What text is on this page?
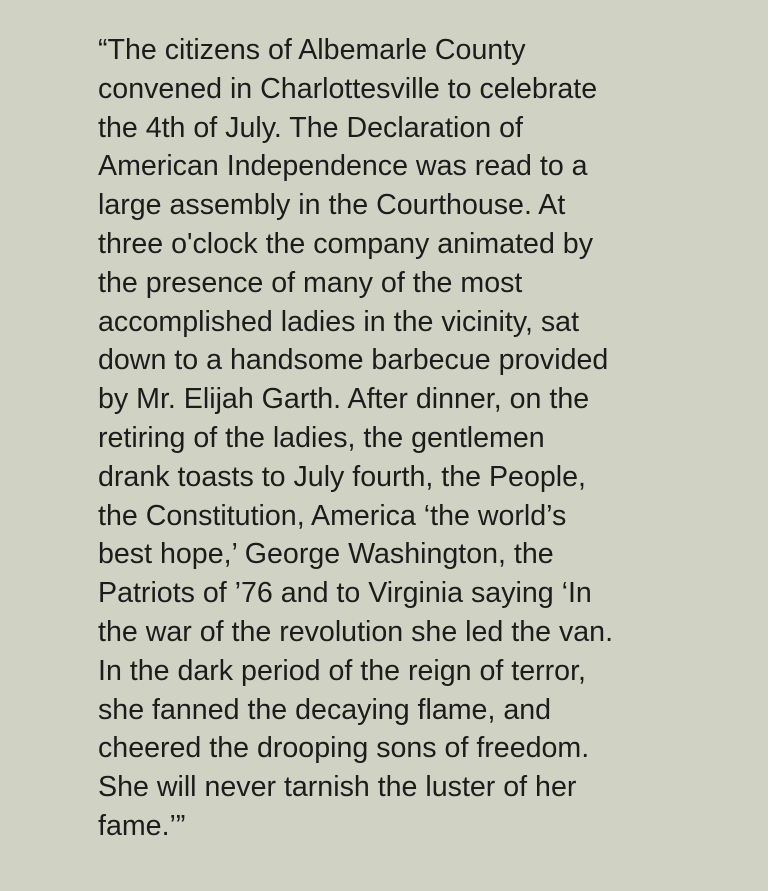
“The citizens of Albemarle County
convened in Charlottesville to celebrate
the 4th of July. The Declaration of
American Independence was read to a
large assembly in the Courthouse. At
three o'clock the company animated by
the presence of many of the most
accomplished ladies in the vicinity, sat
down to a handsome barbecue provided
by Mr. Elijah Garth. After dinner, on the
retiring of the ladies, the gentlemen
drank toasts to July fourth, the People,
the Constitution, America ‘the world’s
best hope,’ George Washington, the
Patriots of ’76 and to Virginia saying ‘In
the war of the revolution she led the van.
In the dark period of the reign of terror,
she fanned the decaying flame, and
cheered the drooping sons of freedom.
She will never tarnish the luster of her
fame.’”
